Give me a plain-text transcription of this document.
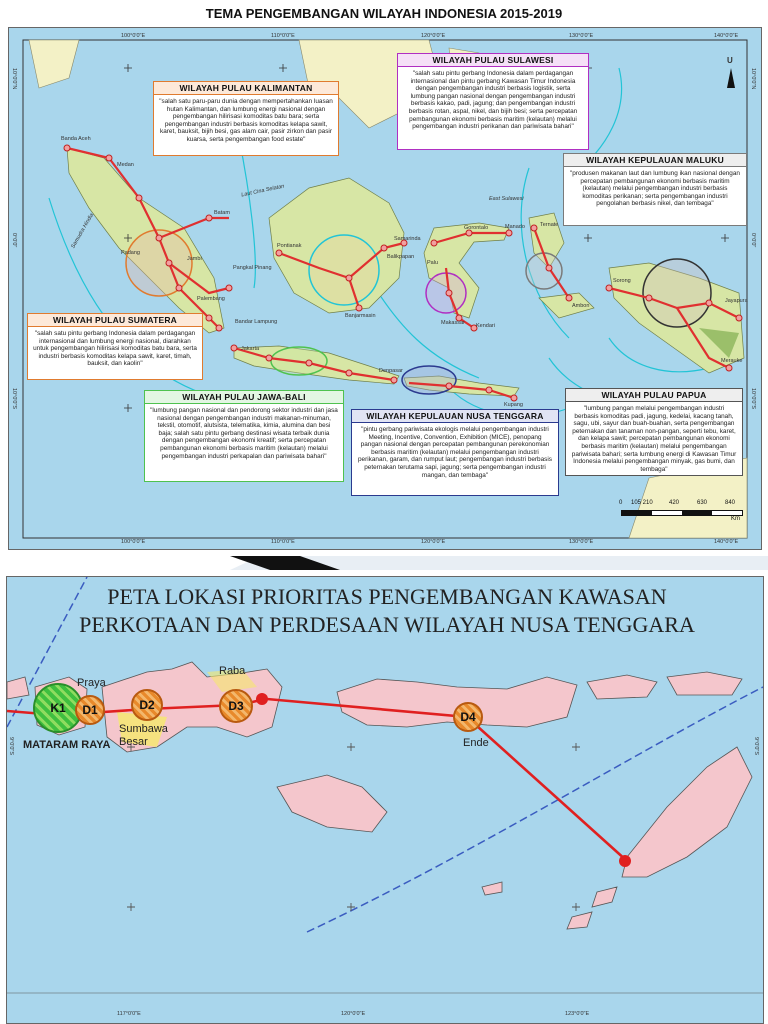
TEMA PENGEMBANGAN WILAYAH INDONESIA 2015-2019
100°0'0"E	110°0'0"E	120°0'0"E	130°0'0"E	140°0'0"E
100°0'0"E	110°0'0"E	120°0'0"E	130°0'0"E	140°0'0"E
10°0'0"N
0°0'0"
10°0'0"S
10°0'0"N
0°0'0"
10°0'0"S
U
Banda Aceh
Medan
Batam
Pontianak
Samarinda
Balikpapan
Manado
Gorontalo
Palu
Kendari
Makassar
Ambon
Ternate
Sorong
Jayapura
Merauke
Denpasar
Kupang
Jakarta
Bandar Lampung
Pangkal Pinang
Padang
Jambi
Palembang
Banjarmasin
East Sulawesi
Laut Cina Selatan
Samudra Hindia
WILAYAH PULAU KALIMANTAN
"salah satu paru-paru dunia dengan mempertahankan luasan hutan Kalimantan, dan lumbung energi nasional dengan pengembangan hilirisasi komoditas batu bara; serta pengembangan industri berbasis komoditas kelapa sawit, karet, bauksit, bijih besi, gas alam cair, pasir zirkon dan pasir kuarsa, serta pengembangan food estate"
WILAYAH PULAU SULAWESI
"salah satu pintu gerbang Indonesia dalam perdagangan internasional dan pintu gerbang Kawasan Timur Indonesia dengan pengembangan industri berbasis logistik, serta lumbung pangan nasional dengan pengembangan industri berbasis kakao, padi, jagung; dan pengembangan industri berbasis rotan, aspal, nikel, dan bijih besi; serta percepatan pembangunan ekonomi berbasis maritim (kelautan) melalui pengembangan industri perikanan dan pariwisata bahari"
WILAYAH KEPULAUAN MALUKU
"produsen makanan laut dan lumbung ikan nasional dengan percepatan pembangunan ekonomi berbasis maritim (kelautan) melalui pengembangan industri berbasis komoditas perikanan; serta pengembangan industri pengolahan berbasis nikel, dan tembaga"
WILAYAH PULAU SUMATERA
"salah satu pintu gerbang Indonesia dalam perdagangan internasional dan lumbung energi nasional, diarahkan untuk pengembangan hilirisasi komoditas batu bara, serta industri berbasis komoditas kelapa sawit, karet, timah, bauksit, dan kaolin"
WILAYAH PULAU JAWA-BALI
"lumbung pangan nasional dan pendorong sektor industri dan jasa nasional dengan pengembangan industri makanan-minuman, tekstil, otomotif, alutsista, telematika, kimia, alumina dan besi baja; salah satu pintu gerbang destinasi wisata terbaik dunia dengan pengembangan ekonomi kreatif; serta percepatan pembangunan ekonomi berbasis maritim (kelautan) melalui pengembangan industri perkapalan dan pariwisata bahari"
WILAYAH KEPULAUAN NUSA TENGGARA
"pintu gerbang pariwisata ekologis melalui pengembangan industri Meeting, Incentive, Convention, Exhibition (MICE), penopang pangan nasional dengan percepatan pembangunan perekonomian berbasis maritim (kelautan) melalui pengembangan industri perikanan, garam, dan rumput laut; pengembangan industri berbasis peternakan terutama sapi, jagung; serta pengembangan industri mangan, dan tembaga"
WILAYAH PULAU PAPUA
"lumbung pangan melalui pengembangan industri berbasis komoditas padi, jagung, kedelai, kacang tanah, sagu, ubi, sayur dan buah-buahan, serta pengembangan peternakan dan tanaman non-pangan, seperti tebu, karet, dan kelapa sawit; percepatan pembangunan ekonomi berbasis maritim (kelautan) melalui pengembangan pariwisata bahari; serta lumbung energi di Kawasan Timur Indonesia melalui pengembangan minyak, gas bumi, dan tembaga"
0 105 210	420	630	840
Km
PETA LOKASI PRIORITAS PENGEMBANGAN KAWASAN PERKOTAAN DAN PERDESAAN WILAYAH NUSA TENGGARA
K1	D1	D2	D3
D4
Praya
Raba
Sumbawa Besar
MATARAM RAYA	Ende
117°0'0"E	120°0'0"E	123°0'0"E
9°0'0"S	9°0'0"S
